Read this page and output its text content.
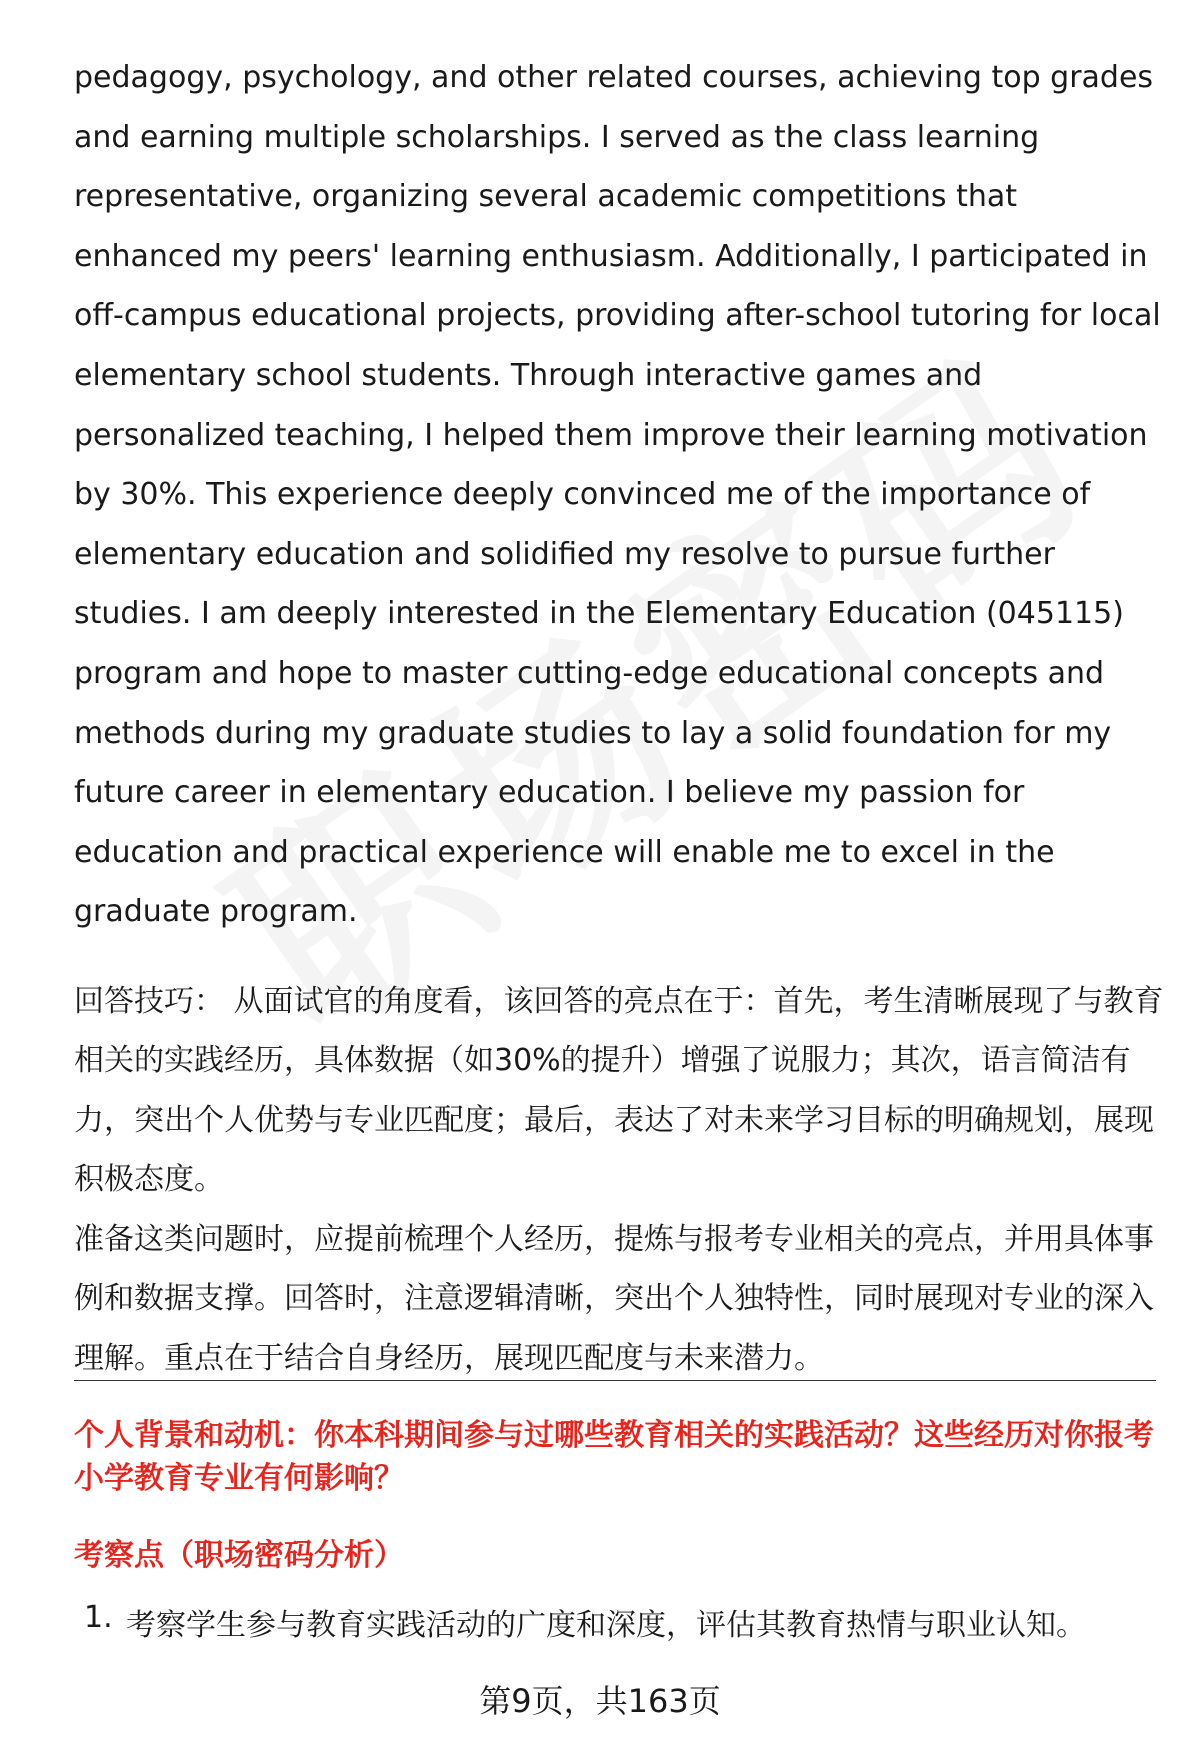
pedagogy, psychology, and other related courses, achieving top grades and earning multiple scholarships. I served as the class learning representative, organizing several academic competitions that enhanced my peers' learning enthusiasm. Additionally, I participated in off-campus educational projects, providing after-school tutoring for local elementary school students. Through interactive games and personalized teaching, I helped them improve their learning motivation by 30%. This experience deeply convinced me of the importance of elementary education and solidified my resolve to pursue further studies. I am deeply interested in the Elementary Education (045115) program and hope to master cutting-edge educational concepts and methods during my graduate studies to lay a solid foundation for my future career in elementary education. I believe my passion for education and practical experience will enable me to excel in the graduate program.

回答技巧： 从面试官的角度看，该回答的亮点在于：首先，考生清晰展现了与教育相关的实践经历，具体数据（如30%的提升）增强了说服力；其次，语言简洁有力，突出个人优势与专业匹配度；最后，表达了对未来学习目标的明确规划，展现积极态度。

准备这类问题时，应提前梳理个人经历，提炼与报考专业相关的亮点，并用具体事例和数据支撑。回答时，注意逻辑清晰，突出个人独特性，同时展现对专业的深入理解。重点在于结合自身经历，展现匹配度与未来潜力。

个人背景和动机：你本科期间参与过哪些教育相关的实践活动？这些经历对你报考小学教育专业有何影响？

考察点（职场密码分析）

1. 考察学生参与教育实践活动的广度和深度，评估其教育热情与职业认知。
第9页，共163页
